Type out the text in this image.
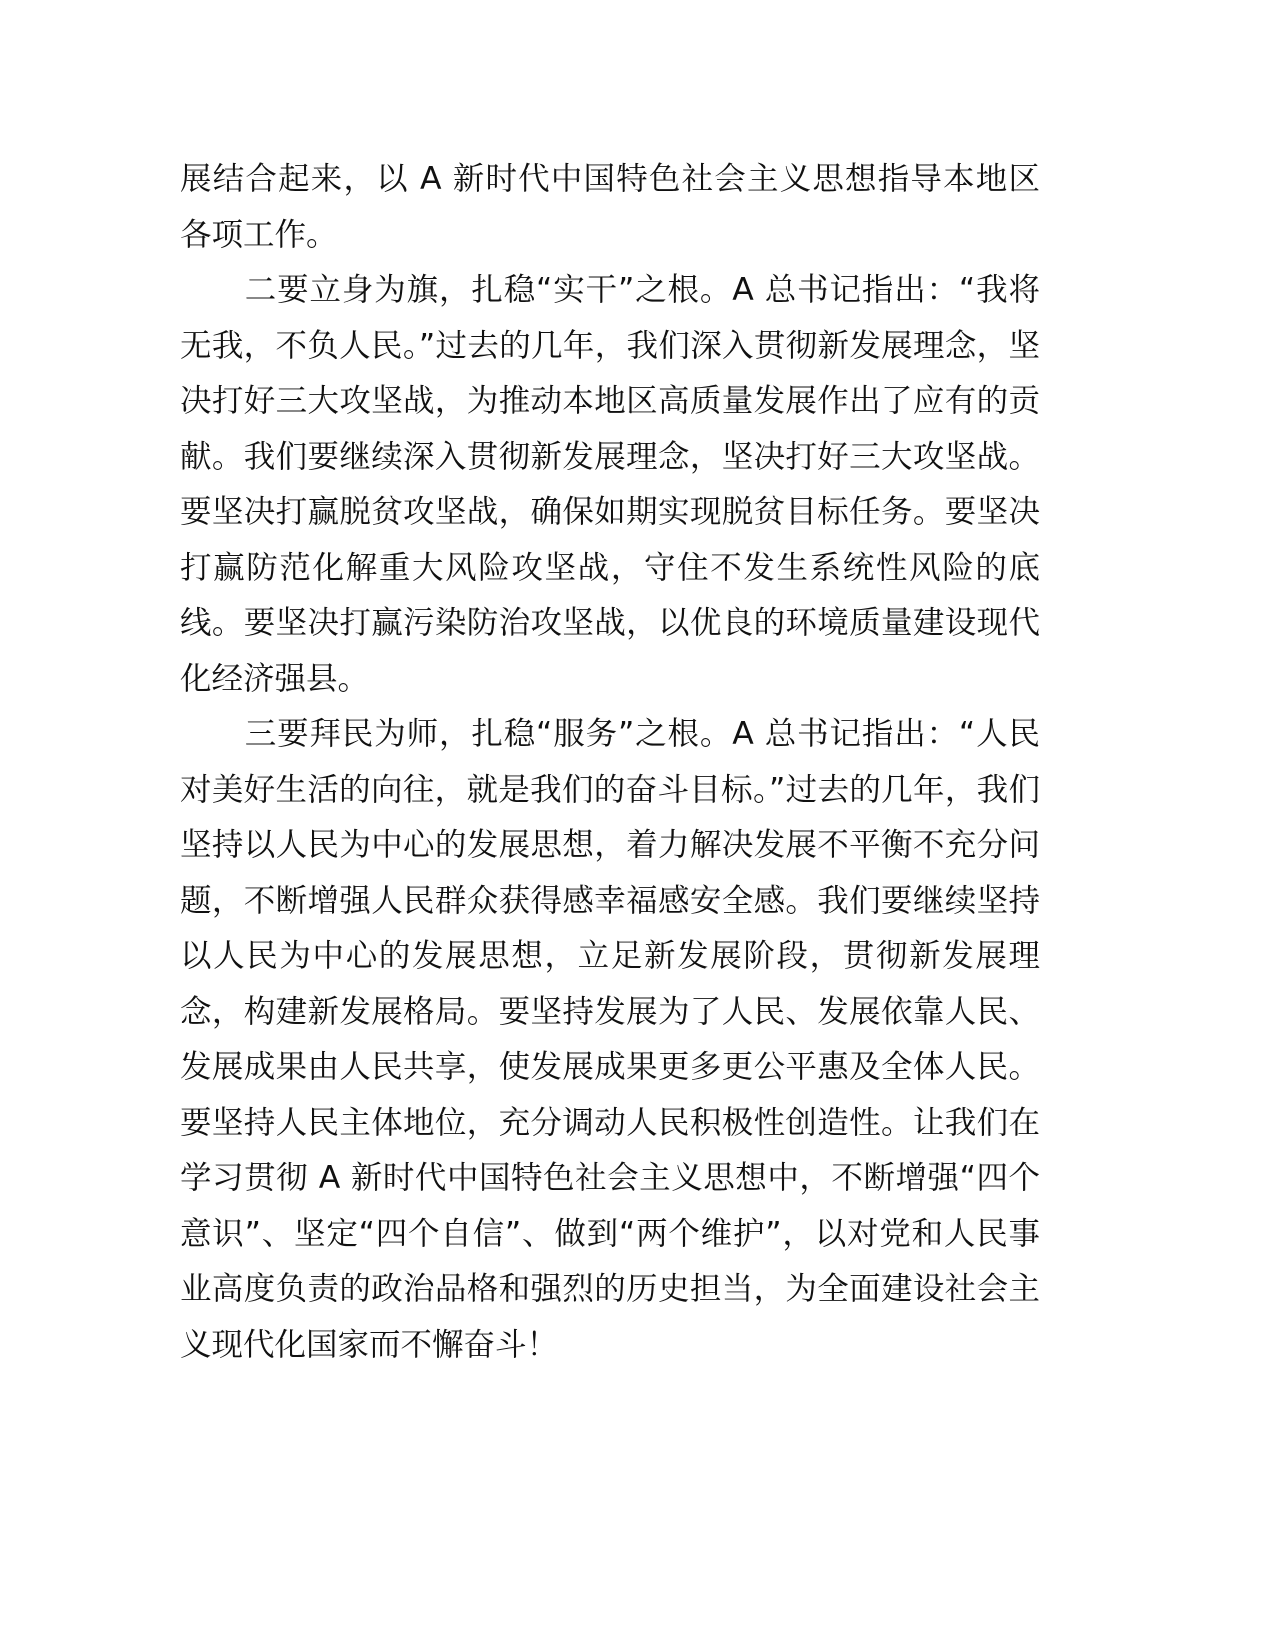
展结合起来，以 A 新时代中国特色社会主义思想指导本地区各项工作。

　　二要立身为旗，扎稳“实干”之根。A 总书记指出：“我将无我，不负人民。”过去的几年，我们深入贯彻新发展理念，坚决打好三大攻坚战，为推动本地区高质量发展作出了应有的贡献。我们要继续深入贯彻新发展理念，坚决打好三大攻坚战。要坚决打赢脱贫攻坚战，确保如期实现脱贫目标任务。要坚决打赢防范化解重大风险攻坚战，守住不发生系统性风险的底线。要坚决打赢污染防治攻坚战，以优良的环境质量建设现代化经济强县。

　　三要拜民为师，扎稳“服务”之根。A 总书记指出：“人民对美好生活的向往，就是我们的奋斗目标。”过去的几年，我们坚持以人民为中心的发展思想，着力解决发展不平衡不充分问题，不断增强人民群众获得感幸福感安全感。我们要继续坚持以人民为中心的发展思想，立足新发展阶段，贯彻新发展理念，构建新发展格局。要坚持发展为了人民、发展依靠人民、发展成果由人民共享，使发展成果更多更公平惠及全体人民。要坚持人民主体地位，充分调动人民积极性创造性。让我们在学习贯彻 A 新时代中国特色社会主义思想中，不断增强“四个意识”、坚定“四个自信”、做到“两个维护”，以对党和人民事业高度负责的政治品格和强烈的历史担当，为全面建设社会主义现代化国家而不懈奋斗！
